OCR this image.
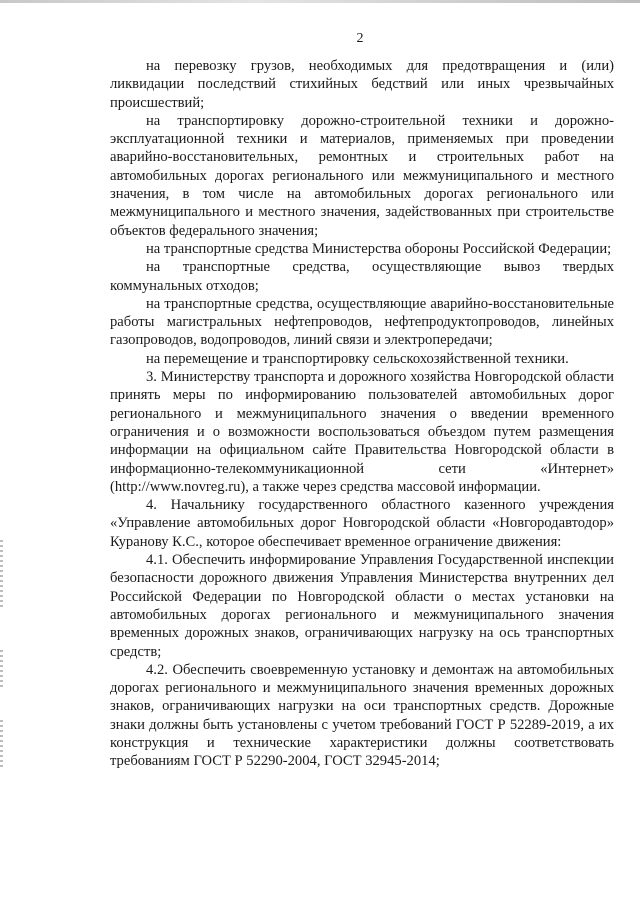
2

на перевозку грузов, необходимых для предотвращения и (или) ликвидации последствий стихийных бедствий или иных чрезвычайных происшествий;

на транспортировку дорожно-строительной техники и дорожно-эксплуатационной техники и материалов, применяемых при проведении аварийно-восстановительных, ремонтных и строительных работ на автомобильных дорогах регионального или межмуниципального и местного значения, в том числе на автомобильных дорогах регионального или межмуниципального и местного значения, задействованных при строительстве объектов федерального значения;

на транспортные средства Министерства обороны Российской Федерации;

на транспортные средства, осуществляющие вывоз твердых коммунальных отходов;

на транспортные средства, осуществляющие аварийно-восстановительные работы магистральных нефтепроводов, нефтепродуктопроводов, линейных газопроводов, водопроводов, линий связи и электропередачи;

на перемещение и транспортировку сельскохозяйственной техники.

3. Министерству транспорта и дорожного хозяйства Новгородской области принять меры по информированию пользователей автомобильных дорог регионального и межмуниципального значения о введении временного ограничения и о возможности воспользоваться объездом путем размещения информации на официальном сайте Правительства Новгородской области в информационно-телекоммуникационной сети «Интернет» (http://www.novreg.ru), а также через средства массовой информации.

4. Начальнику государственного областного казенного учреждения «Управление автомобильных дорог Новгородской области «Новгородавтодор» Куранову К.С., которое обеспечивает временное ограничение движения:

4.1. Обеспечить информирование Управления Государственной инспекции безопасности дорожного движения Управления Министерства внутренних дел Российской Федерации по Новгородской области о местах установки на автомобильных дорогах регионального и межмуниципального значения временных дорожных знаков, ограничивающих нагрузку на ось транспортных средств;

4.2. Обеспечить своевременную установку и демонтаж на автомобильных дорогах регионального и межмуниципального значения временных дорожных знаков, ограничивающих нагрузки на оси транспортных средств. Дорожные знаки должны быть установлены с учетом требований ГОСТ Р 52289-2019, а их конструкция и технические характеристики должны соответствовать требованиям ГОСТ Р 52290-2004, ГОСТ 32945-2014;
